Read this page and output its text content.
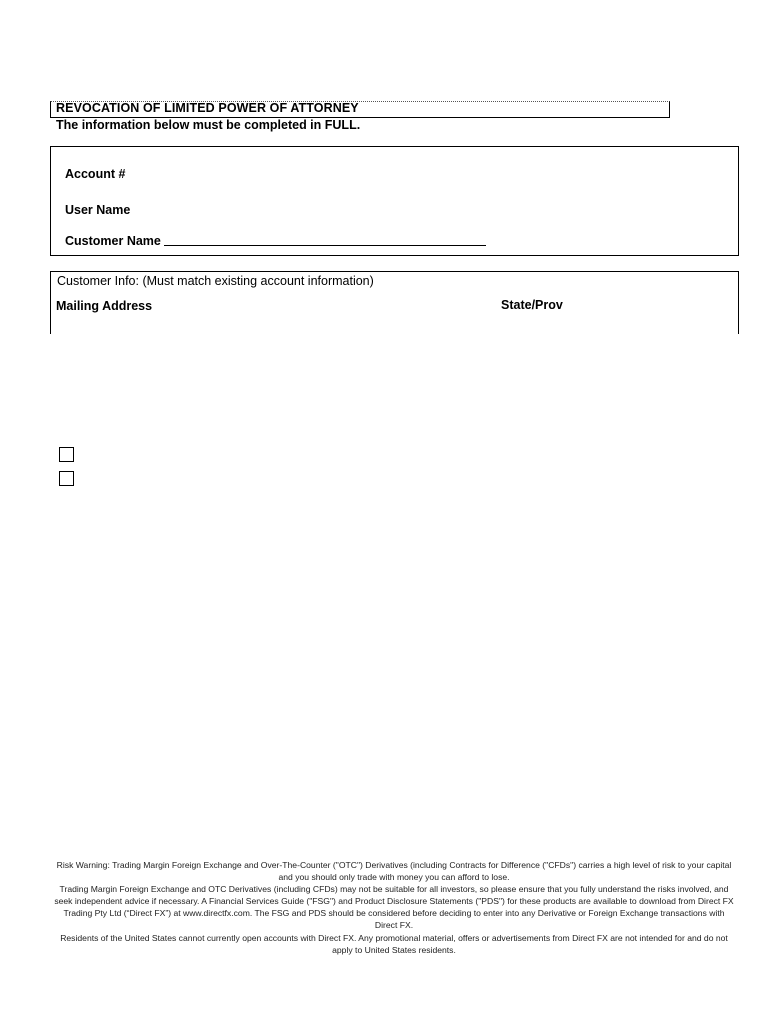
REVOCATION OF LIMITED POWER OF ATTORNEY
The information below must be completed in FULL.
Account #
User Name
Customer Name
Customer Info: (Must match existing account information)
Mailing Address	State/Prov

Risk Warning: Trading Margin Foreign Exchange and Over-The-Counter ("OTC") Derivatives (including Contracts for Difference ("CFDs") carries a high level of risk to your capital and you should only trade with money you can afford to lose.

Trading Margin Foreign Exchange and OTC Derivatives (including CFDs) may not be suitable for all investors, so please ensure that you fully understand the risks involved, and seek independent advice if necessary. A Financial Services Guide ("FSG") and Product Disclosure Statements ("PDS") for these products are available to download from Direct FX Trading Pty Ltd (“Direct FX”) at www.directfx.com. The FSG and PDS should be considered before deciding to enter into any Derivative or Foreign Exchange transactions with Direct FX.

Residents of the United States cannot currently open accounts with Direct FX. Any promotional material, offers or advertisements from Direct FX are not intended for and do not apply to United States residents.
